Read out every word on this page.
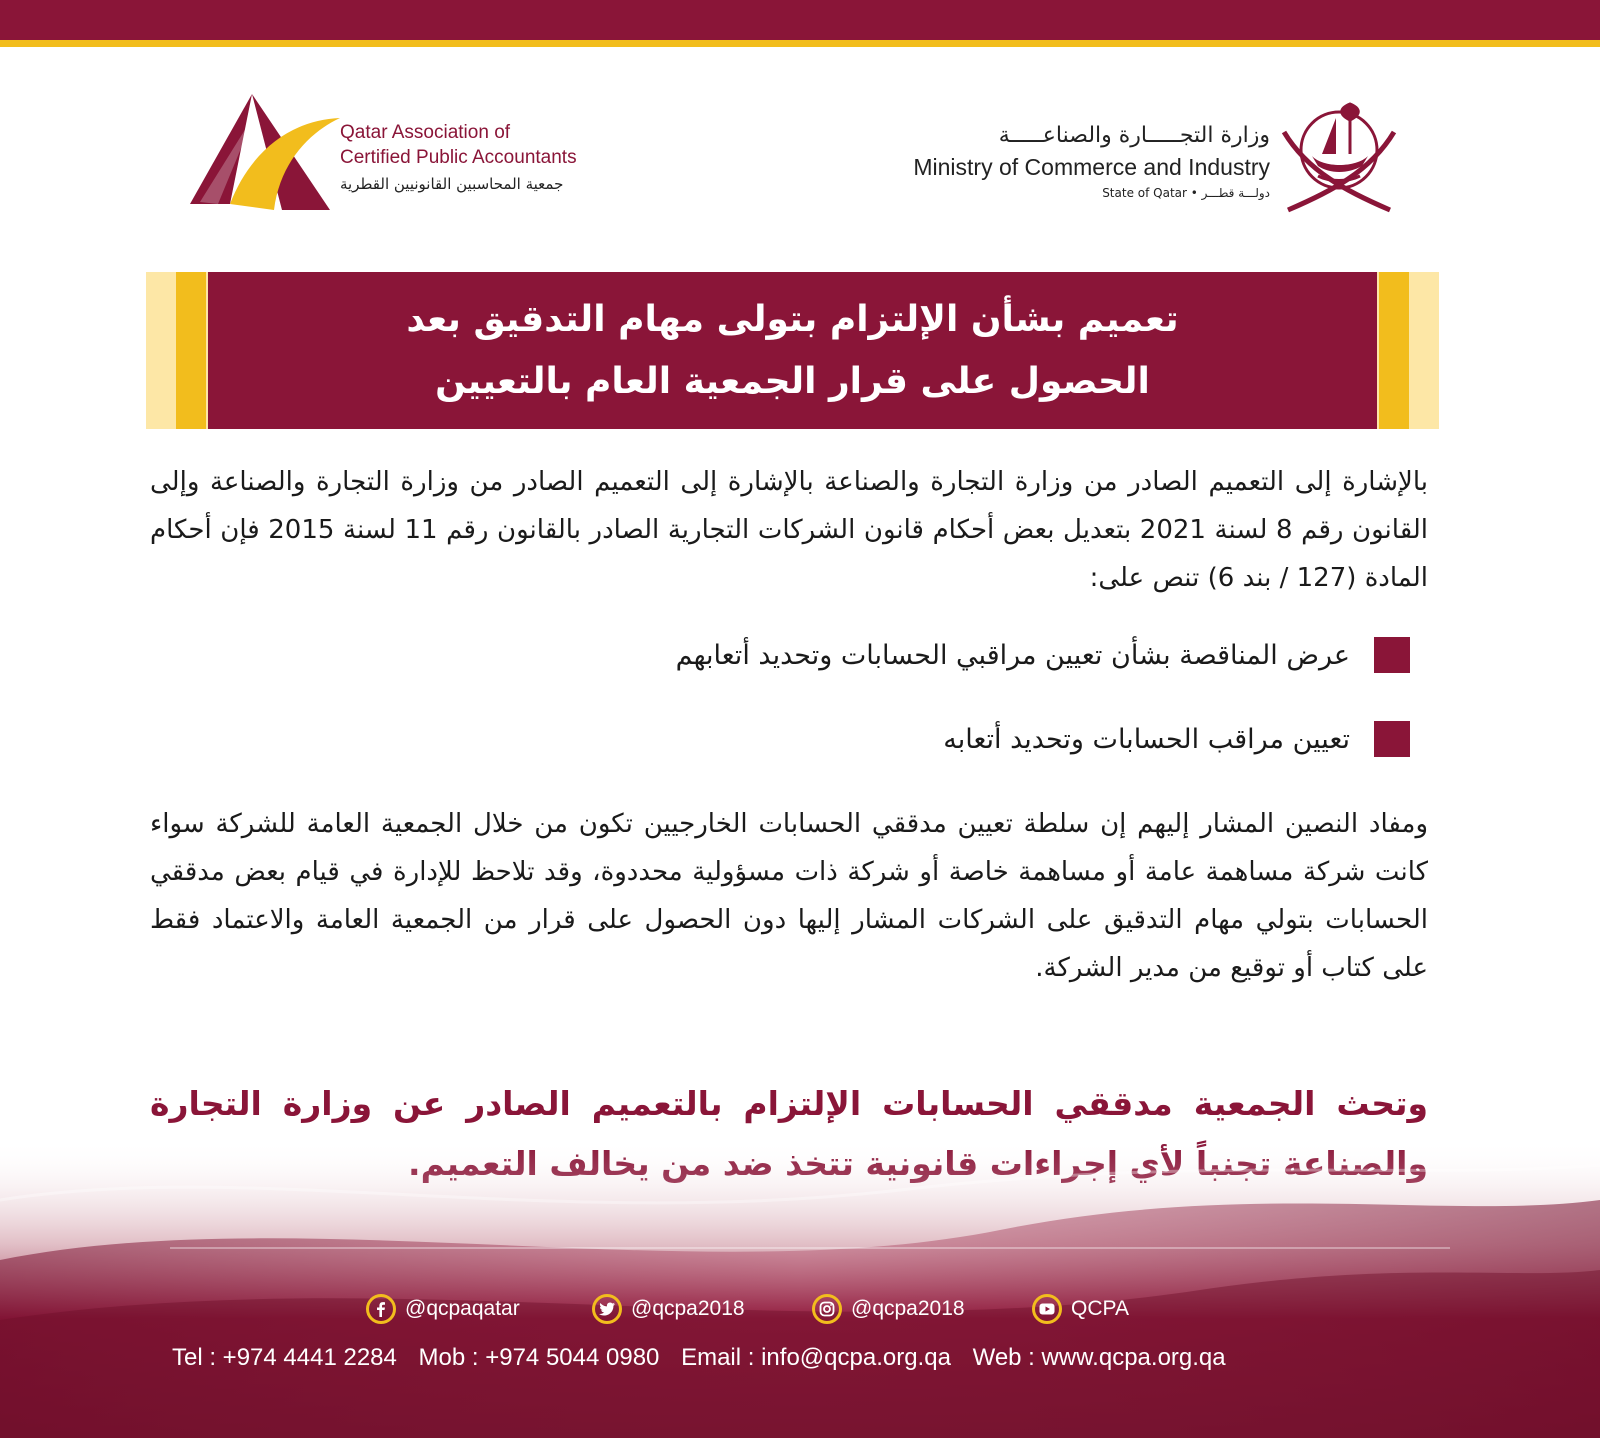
Qatar Association of
Certified Public Accountants
جمعية المحاسبين القانونيين القطرية
وزارة التجـــــارة والصناعـــــة
Ministry of Commerce and Industry
State of Qatar • دولـــة قطـــر
تعميم بشأن الإلتزام بتولى مهام التدقيق بعد
الحصول على قرار الجمعية العام بالتعيين
بالإشارة إلى التعميم الصادر من وزارة التجارة والصناعة بالإشارة إلى التعميم الصادر من وزارة التجارة والصناعة وإلى القانون رقم 8 لسنة 2021 بتعديل بعض أحكام قانون الشركات التجارية الصادر بالقانون رقم 11 لسنة 2015 فإن أحكام المادة (127 / بند 6) تنص على:
عرض المناقصة بشأن تعيين مراقبي الحسابات وتحديد أتعابهم
تعيين مراقب الحسابات وتحديد أتعابه
ومفاد النصين المشار إليهم إن سلطة تعيين مدققي الحسابات الخارجيين تكون من خلال الجمعية العامة للشركة سواء كانت شركة مساهمة عامة أو مساهمة خاصة أو شركة ذات مسؤولية محددوة، وقد تلاحظ للإدارة في قيام بعض مدققي الحسابات بتولي مهام التدقيق على الشركات المشار إليها دون الحصول على قرار من الجمعية العامة والاعتماد فقط على كتاب أو توقيع من مدير الشركة.
وتحث الجمعية مدققي الحسابات الإلتزام بالتعميم الصادر عن وزارة التجارة
@qcpaqatar	@qcpa2018	@qcpa2018	QCPA
Tel : +974 4441 2284 Mob : +974 5044 0980 Email : info@qcpa.org.qa Web : www.qcpa.org.qa
